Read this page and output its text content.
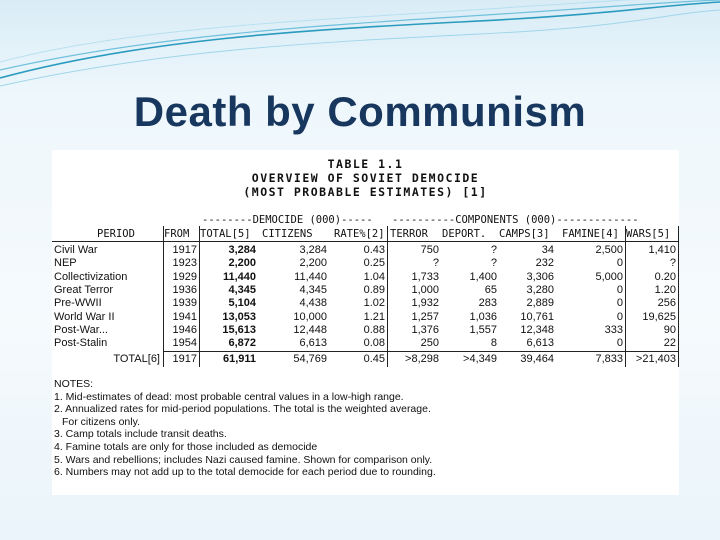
Death by Communism
TABLE 1.1
OVERVIEW OF SOVIET DEMOCIDE
(MOST PROBABLE ESTIMATES) [1]
--------DEMOCIDE (000)----- ----------COMPONENTS (000)-------------
PERIOD	FROM TOTAL[5] CITIZENS RATE%[2] TERROR DEPORT. CAMPS[3] FAMINE[4] WARS[5]
Civil War	1917	3,284	3,284	0.43	750	?	34	2,500	1,410
NEP	1923	2,200	2,200	0.25	?	?	232	0	?
Collectivization	1929	11,440	11,440	1.04	1,733	1,400	3,306	5,000	0.20
Great Terror	1936	4,345	4,345	0.89	1,000	65	3,280	0	1.20
Pre-WWII	1939	5,104	4,438	1.02	1,932	283	2,889	0	256
World War II	1941	13,053	10,000	1.21	1,257	1,036	10,761	0	19,625
Post-War...	1946	15,613	12,448	0.88	1,376	1,557	12,348	333	90
Post-Stalin	1954	6,872	6,613	0.08	250	8	6,613	0	22
TOTAL[6]	1917	61,911	54,769	0.45	>8,298	>4,349	39,464	7,833	>21,403
NOTES:
1. Mid-estimates of dead: most probable central values in a low-high range.
2. Annualized rates for mid-period populations. The total is the weighted average.
For citizens only.
3. Camp totals include transit deaths.
4. Famine totals are only for those included as democide
5. Wars and rebellions; includes Nazi caused famine. Shown for comparison only.
6. Numbers may not add up to the total democide for each period due to rounding.
